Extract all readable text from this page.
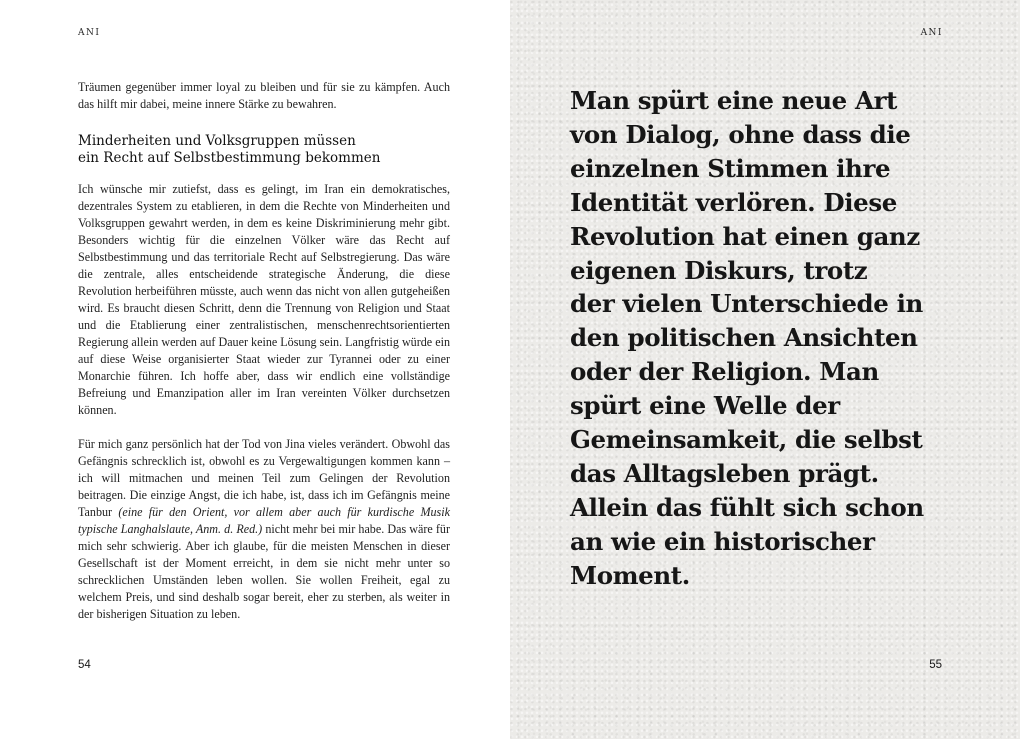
ANI

Träumen gegenüber immer loyal zu bleiben und für sie zu kämpfen. Auch das hilft mir dabei, meine innere Stärke zu bewahren.

Minderheiten und Volksgruppen müssen
ein Recht auf Selbstbestimmung bekommen

Ich wünsche mir zutiefst, dass es gelingt, im Iran ein demokratisches, dezentrales System zu etablieren, in dem die Rechte von Minderheiten und Volksgruppen gewahrt werden, in dem es keine Diskriminierung mehr gibt. Besonders wichtig für die einzelnen Völker wäre das Recht auf Selbstbestimmung und das territoriale Recht auf Selbstregierung. Das wäre die zentrale, alles entscheidende strategische Änderung, die diese Revolution herbeiführen müsste, auch wenn das nicht von allen gutgeheißen wird. Es braucht diesen Schritt, denn die Trennung von Religion und Staat und die Etablierung einer zentralistischen, menschenrechtsorientierten Regierung allein werden auf Dauer keine Lösung sein. Langfristig würde ein auf diese Weise organisierter Staat wieder zur Tyrannei oder zu einer Monarchie führen. Ich hoffe aber, dass wir endlich eine vollständige Befreiung und Emanzipation aller im Iran vereinten Völker durchsetzen können.

Für mich ganz persönlich hat der Tod von Jina vieles verändert. Obwohl das Gefängnis schrecklich ist, obwohl es zu Vergewaltigungen kommen kann – ich will mitmachen und meinen Teil zum Gelingen der Revolution beitragen. Die einzige Angst, die ich habe, ist, dass ich im Gefängnis meine Tanbur (eine für den Orient, vor allem aber auch für kurdische Musik typische Langhalslaute, Anm. d. Red.) nicht mehr bei mir habe. Das wäre für mich sehr schwierig. Aber ich glaube, für die meisten Menschen in dieser Gesellschaft ist der Moment erreicht, in dem sie nicht mehr unter so schrecklichen Umständen leben wollen. Sie wollen Freiheit, egal zu welchem Preis, und sind deshalb sogar bereit, eher zu sterben, als weiter in der bisherigen Situation zu leben.

54
ANI
55
Man spürt eine neue Art
von Dialog, ohne dass die
einzelnen Stimmen ihre
Identität verlören. Diese
Revolution hat einen ganz
eigenen Diskurs, trotz
der vielen Unterschiede in
den politischen Ansichten
oder der Religion. Man
spürt eine Welle der
Gemeinsamkeit, die selbst
das Alltagsleben prägt.
Allein das fühlt sich schon
an wie ein historischer
Moment.
